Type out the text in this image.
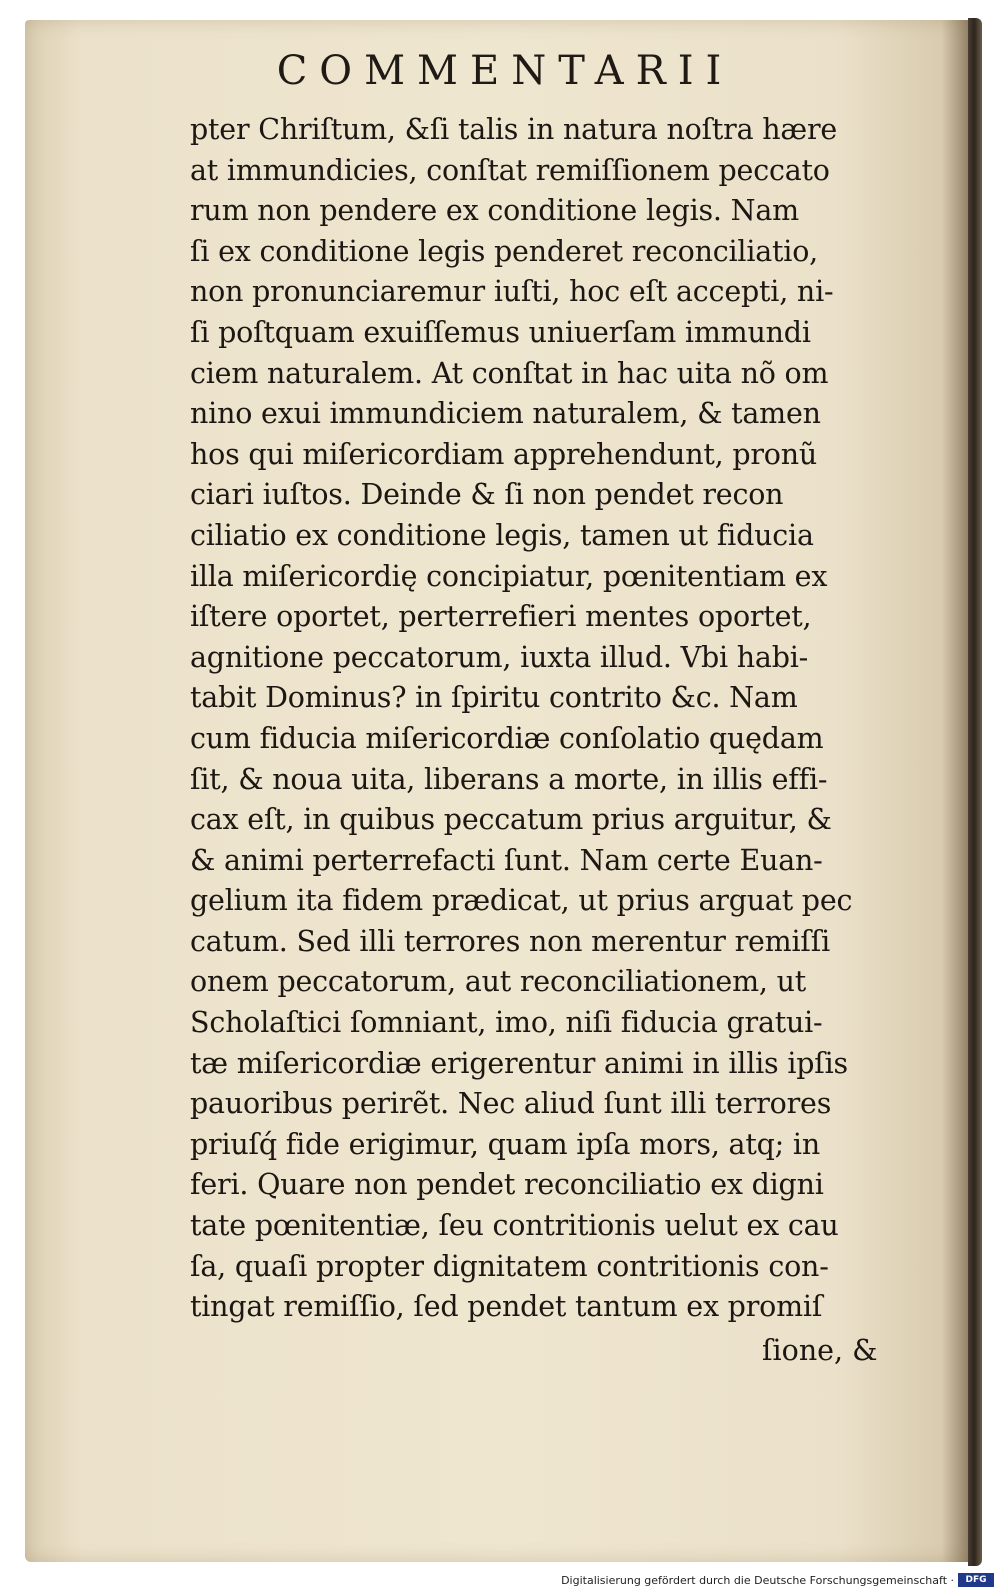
COMMENTARII
pter Chriſtum, &ſi talis in natura noſtra hære
at immundicies, conſtat remiſſionem peccato
rum non pendere ex conditione legis. Nam
ſi ex conditione legis penderet reconciliatio,
non pronunciaremur iuſti, hoc eſt accepti, ni-
ſi poſtquam exuiſſemus uniuerſam immundi
ciem naturalem. At conſtat in hac uita nõ om
nino exui immundiciem naturalem, & tamen
hos qui miſericordiam apprehendunt, pronũ
ciari iuſtos. Deinde & ſi non pendet recon
ciliatio ex conditione legis, tamen ut fiducia
illa miſericordię concipiatur, pœnitentiam ex
iſtere oportet, perterrefieri mentes oportet,
agnitione peccatorum, iuxta illud. Vbi habi-
tabit Dominus? in ſpiritu contrito &c. Nam
cum fiducia miſericordiæ conſolatio quędam
ſit, & noua uita, liberans a morte, in illis effi-
cax eſt, in quibus peccatum prius arguitur, &
& animi perterrefacti ſunt. Nam certe Euan-
gelium ita fidem prædicat, ut prius arguat pec
catum. Sed illi terrores non merentur remiſſi
onem peccatorum, aut reconciliationem, ut
Scholaſtici ſomniant, imo, niſi fiducia gratui-
tæ miſericordiæ erigerentur animi in illis ipſis
pauoribus perirẽt. Nec aliud ſunt illi terrores
priuſq́ fide erigimur, quam ipſa mors, atq; in
feri. Quare non pendet reconciliatio ex digni
tate pœnitentiæ, ſeu contritionis uelut ex cau
ſa, quaſi propter dignitatem contritionis con-
tingat remiſſio, ſed pendet tantum ex promiſ
ſione, &
Digitalisierung gefördert durch die Deutsche Forschungsgemeinschaft ·	DFG
